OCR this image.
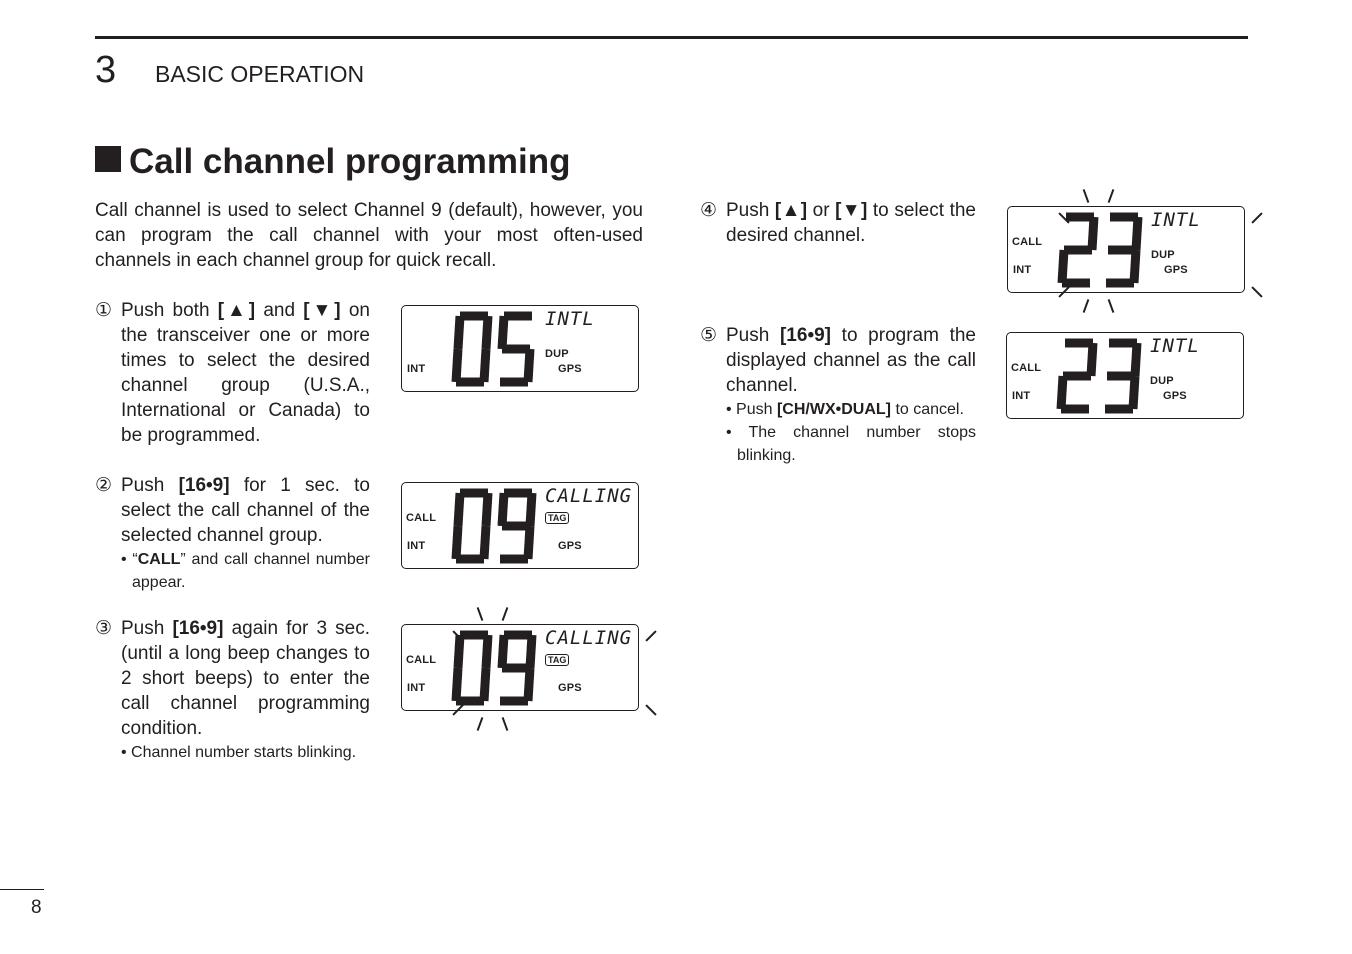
3 BASIC OPERATION
Call channel programming
Call channel is used to select Channel 9 (default), however, you can program the call channel with your most often-used channels in each channel group for quick recall.
① Push both [▲] and [▼] on the transceiver one or more times to select the desired channel group (U.S.A., International or Canada) to be programmed.
② Push [16•9] for 1 sec. to select the call channel of the selected channel group.
• “CALL” and call channel number appear.
③ Push [16•9] again for 3 sec. (until a long beep changes to 2 short beeps) to enter the call channel programming condition.
• Channel number starts blinking.
④ Push [▲] or [▼] to select the desired channel.
⑤ Push [16•9] to program the displayed channel as the call channel.
• Push [CH/WX•DUAL] to cancel.
• The channel number stops blinking.
INTL
INT
DUP
GPS
CALLING
CALL
INT	GPS
TAG
CALLING
CALL
INT	GPS
TAG
INTL
CALL
INT
DUP
GPS
INTL
CALL
INT
DUP
GPS
8
